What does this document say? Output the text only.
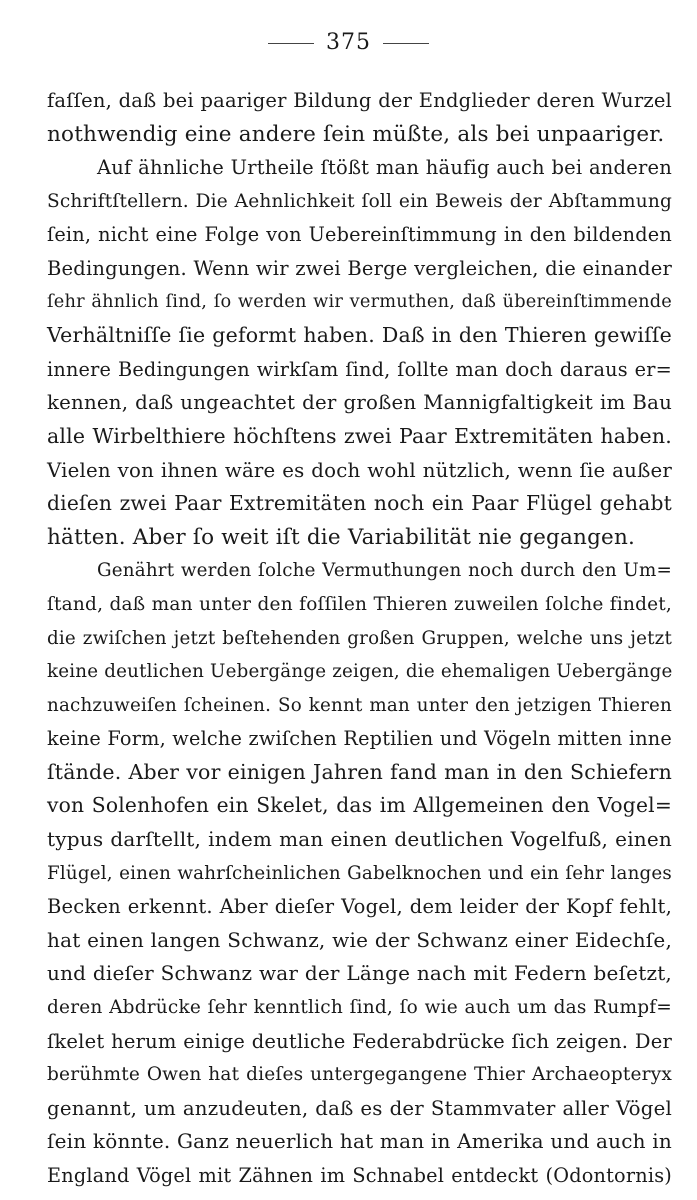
375
faſſen, daß bei paariger Bildung der Endglieder deren Wurzel
nothwendig eine andere ſein müßte, als bei unpaariger.
Auf ähnliche Urtheile ſtößt man häufig auch bei anderen
Schriftſtellern. Die Aehnlichkeit ſoll ein Beweis der Abſtammung
ſein, nicht eine Folge von Uebereinſtimmung in den bildenden
Bedingungen. Wenn wir zwei Berge vergleichen, die einander
ſehr ähnlich ſind, ſo werden wir vermuthen, daß übereinſtimmende
Verhältniſſe ſie geformt haben. Daß in den Thieren gewiſſe
innere Bedingungen wirkſam ſind, ſollte man doch daraus er=
kennen, daß ungeachtet der großen Mannigfaltigkeit im Bau
alle Wirbelthiere höchſtens zwei Paar Extremitäten haben.
Vielen von ihnen wäre es doch wohl nützlich, wenn ſie außer
dieſen zwei Paar Extremitäten noch ein Paar Flügel gehabt
hätten. Aber ſo weit iſt die Variabilität nie gegangen.
Genährt werden ſolche Vermuthungen noch durch den Um=
ſtand, daß man unter den foſſilen Thieren zuweilen ſolche findet,
die zwiſchen jetzt beſtehenden großen Gruppen, welche uns jetzt
keine deutlichen Uebergänge zeigen, die ehemaligen Uebergänge
nachzuweiſen ſcheinen. So kennt man unter den jetzigen Thieren
keine Form, welche zwiſchen Reptilien und Vögeln mitten inne
ſtände. Aber vor einigen Jahren fand man in den Schiefern
von Solenhofen ein Skelet, das im Allgemeinen den Vogel=
typus darſtellt, indem man einen deutlichen Vogelfuß, einen
Flügel, einen wahrſcheinlichen Gabelknochen und ein ſehr langes
Becken erkennt. Aber dieſer Vogel, dem leider der Kopf fehlt,
hat einen langen Schwanz, wie der Schwanz einer Eidechſe,
und dieſer Schwanz war der Länge nach mit Federn beſetzt,
deren Abdrücke ſehr kenntlich ſind, ſo wie auch um das Rumpf=
ſkelet herum einige deutliche Federabdrücke ſich zeigen. Der
berühmte Owen hat dieſes untergegangene Thier Archaeopteryx
genannt, um anzudeuten, daß es der Stammvater aller Vögel
ſein könnte. Ganz neuerlich hat man in Amerika und auch in
England Vögel mit Zähnen im Schnabel entdeckt (Odontornis)
